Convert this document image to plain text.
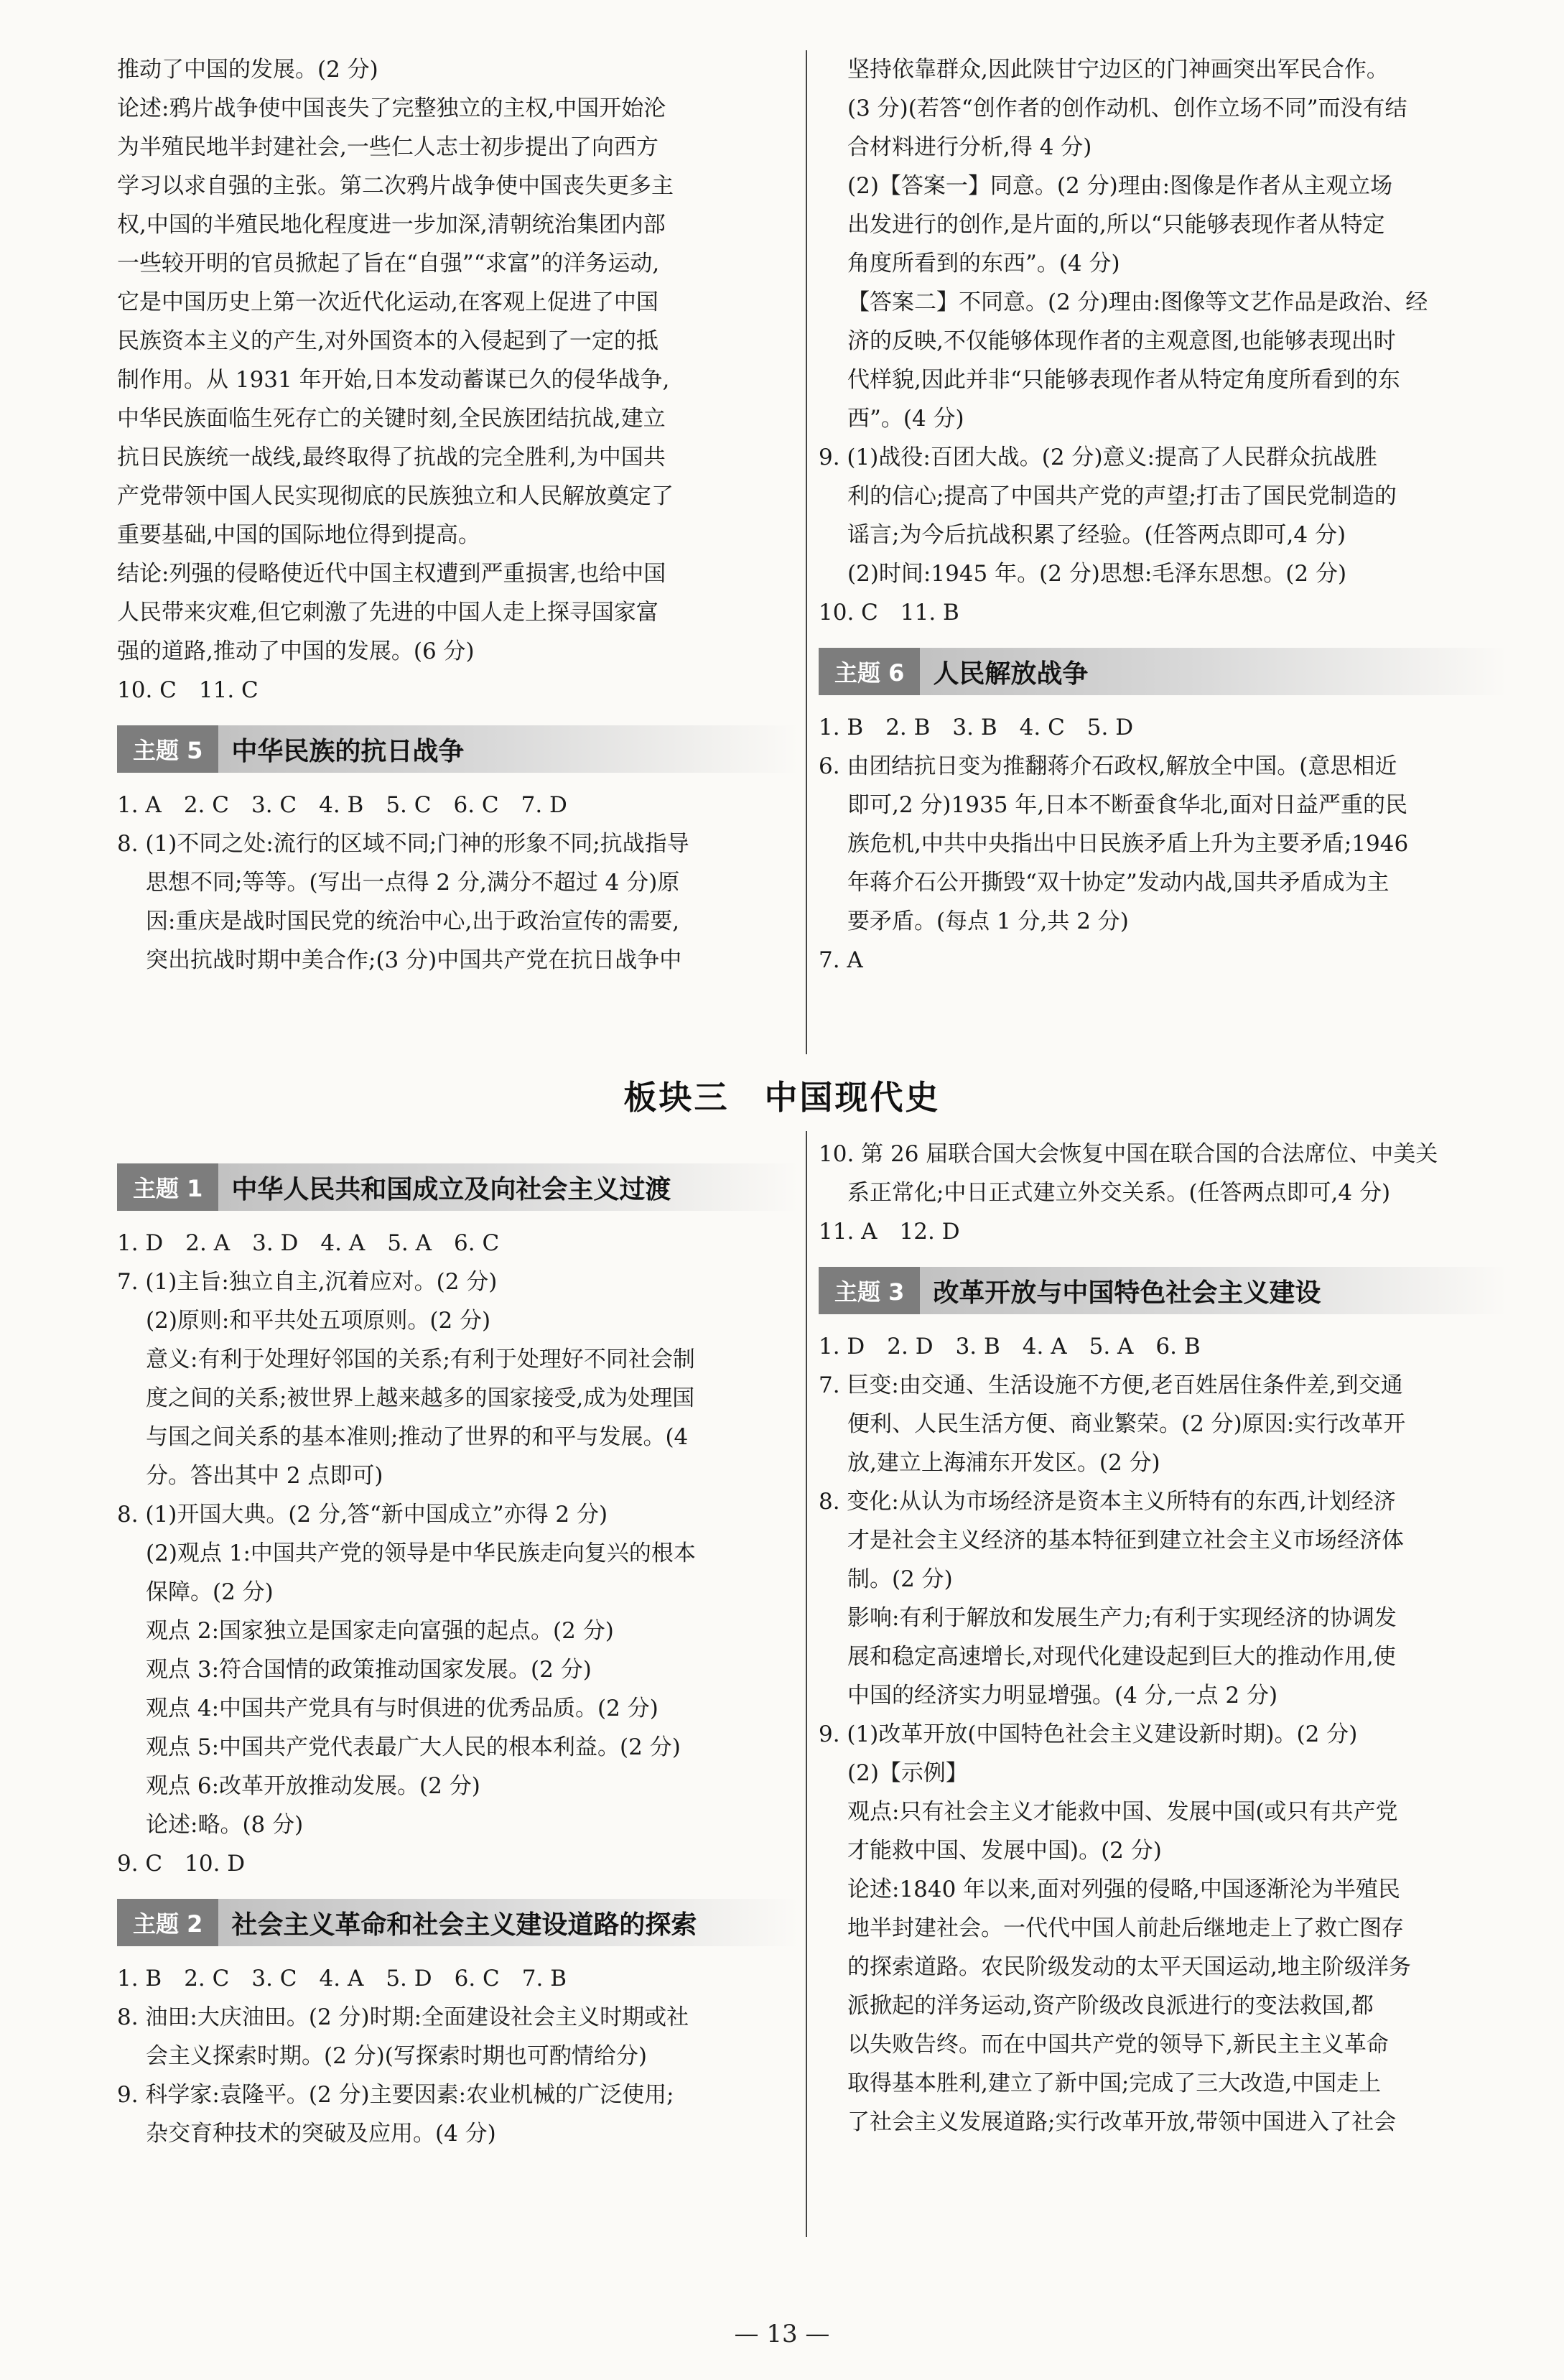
推动了中国的发展。(2 分)

论述:鸦片战争使中国丧失了完整独立的主权,中国开始沦

为半殖民地半封建社会,一些仁人志士初步提出了向西方

学习以求自强的主张。第二次鸦片战争使中国丧失更多主

权,中国的半殖民地化程度进一步加深,清朝统治集团内部

一些较开明的官员掀起了旨在“自强”“求富”的洋务运动,

它是中国历史上第一次近代化运动,在客观上促进了中国

民族资本主义的产生,对外国资本的入侵起到了一定的抵

制作用。从 1931 年开始,日本发动蓄谋已久的侵华战争,

中华民族面临生死存亡的关键时刻,全民族团结抗战,建立

抗日民族统一战线,最终取得了抗战的完全胜利,为中国共

产党带领中国人民实现彻底的民族独立和人民解放奠定了

重要基础,中国的国际地位得到提高。

结论:列强的侵略使近代中国主权遭到严重损害,也给中国

人民带来灾难,但它刺激了先进的中国人走上探寻国家富

强的道路,推动了中国的发展。(6 分)

10. C　11. C

主题 5	中华民族的抗日战争

1. A　2. C　3. C　4. B　5. C　6. C　7. D

8. (1)不同之处:流行的区域不同;门神的形象不同;抗战指导

思想不同;等等。(写出一点得 2 分,满分不超过 4 分)原

因:重庆是战时国民党的统治中心,出于政治宣传的需要,

突出抗战时期中美合作;(3 分)中国共产党在抗日战争中

坚持依靠群众,因此陕甘宁边区的门神画突出军民合作。

(3 分)(若答“创作者的创作动机、创作立场不同”而没有结

合材料进行分析,得 4 分)

(2)【答案一】同意。(2 分)理由:图像是作者从主观立场

出发进行的创作,是片面的,所以“只能够表现作者从特定

角度所看到的东西”。(4 分)

【答案二】不同意。(2 分)理由:图像等文艺作品是政治、经

济的反映,不仅能够体现作者的主观意图,也能够表现出时

代样貌,因此并非“只能够表现作者从特定角度所看到的东

西”。(4 分)

9. (1)战役:百团大战。(2 分)意义:提高了人民群众抗战胜

利的信心;提高了中国共产党的声望;打击了国民党制造的

谣言;为今后抗战积累了经验。(任答两点即可,4 分)

(2)时间:1945 年。(2 分)思想:毛泽东思想。(2 分)

10. C　11. B

主题 6	人民解放战争

1. B　2. B　3. B　4. C　5. D

6. 由团结抗日变为推翻蒋介石政权,解放全中国。(意思相近

即可,2 分)1935 年,日本不断蚕食华北,面对日益严重的民

族危机,中共中央指出中日民族矛盾上升为主要矛盾;1946

年蒋介石公开撕毁“双十协定”发动内战,国共矛盾成为主

要矛盾。(每点 1 分,共 2 分)

7. A

板块三　中国现代史
主题 1	中华人民共和国成立及向社会主义过渡

1. D　2. A　3. D　4. A　5. A　6. C

7. (1)主旨:独立自主,沉着应对。(2 分)

(2)原则:和平共处五项原则。(2 分)

意义:有利于处理好邻国的关系;有利于处理好不同社会制

度之间的关系;被世界上越来越多的国家接受,成为处理国

与国之间关系的基本准则;推动了世界的和平与发展。(4

分。答出其中 2 点即可)

8. (1)开国大典。(2 分,答“新中国成立”亦得 2 分)

(2)观点 1:中国共产党的领导是中华民族走向复兴的根本

保障。(2 分)

观点 2:国家独立是国家走向富强的起点。(2 分)

观点 3:符合国情的政策推动国家发展。(2 分)

观点 4:中国共产党具有与时俱进的优秀品质。(2 分)

观点 5:中国共产党代表最广大人民的根本利益。(2 分)

观点 6:改革开放推动发展。(2 分)

论述:略。(8 分)

9. C　10. D

主题 2	社会主义革命和社会主义建设道路的探索

1. B　2. C　3. C　4. A　5. D　6. C　7. B

8. 油田:大庆油田。(2 分)时期:全面建设社会主义时期或社

会主义探索时期。(2 分)(写探索时期也可酌情给分)

9. 科学家:袁隆平。(2 分)主要因素:农业机械的广泛使用;

杂交育种技术的突破及应用。(4 分)

10. 第 26 届联合国大会恢复中国在联合国的合法席位、中美关

系正常化;中日正式建立外交关系。(任答两点即可,4 分)

11. A　12. D

主题 3	改革开放与中国特色社会主义建设

1. D　2. D　3. B　4. A　5. A　6. B

7. 巨变:由交通、生活设施不方便,老百姓居住条件差,到交通

便利、人民生活方便、商业繁荣。(2 分)原因:实行改革开

放,建立上海浦东开发区。(2 分)

8. 变化:从认为市场经济是资本主义所特有的东西,计划经济

才是社会主义经济的基本特征到建立社会主义市场经济体

制。(2 分)

影响:有利于解放和发展生产力;有利于实现经济的协调发

展和稳定高速增长,对现代化建设起到巨大的推动作用,使

中国的经济实力明显增强。(4 分,一点 2 分)

9. (1)改革开放(中国特色社会主义建设新时期)。(2 分)

(2)【示例】

观点:只有社会主义才能救中国、发展中国(或只有共产党

才能救中国、发展中国)。(2 分)

论述:1840 年以来,面对列强的侵略,中国逐渐沦为半殖民

地半封建社会。一代代中国人前赴后继地走上了救亡图存

的探索道路。农民阶级发动的太平天国运动,地主阶级洋务

派掀起的洋务运动,资产阶级改良派进行的变法救国,都

以失败告终。而在中国共产党的领导下,新民主主义革命

取得基本胜利,建立了新中国;完成了三大改造,中国走上

了社会主义发展道路;实行改革开放,带领中国进入了社会

— 13 —
